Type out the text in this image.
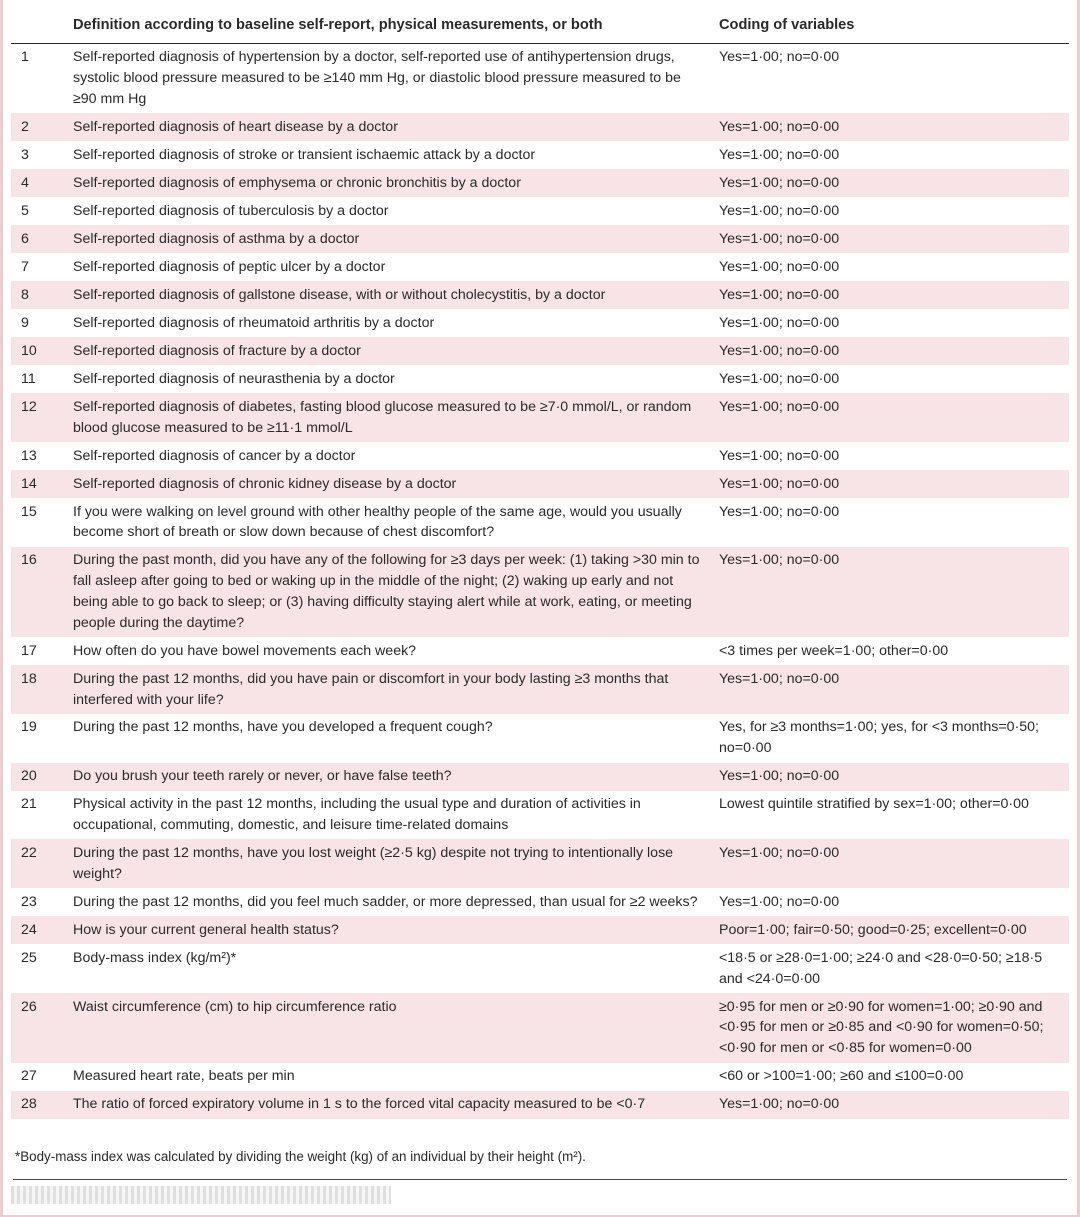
	Definition according to baseline self-report, physical measurements, or both	Coding of variables
1	Self-reported diagnosis of hypertension by a doctor, self-reported use of antihypertension drugs, systolic blood pressure measured to be ≥140 mm Hg, or diastolic blood pressure measured to be ≥90 mm Hg	Yes=1·00; no=0·00
2	Self-reported diagnosis of heart disease by a doctor	Yes=1·00; no=0·00
3	Self-reported diagnosis of stroke or transient ischaemic attack by a doctor	Yes=1·00; no=0·00
4	Self-reported diagnosis of emphysema or chronic bronchitis by a doctor	Yes=1·00; no=0·00
5	Self-reported diagnosis of tuberculosis by a doctor	Yes=1·00; no=0·00
6	Self-reported diagnosis of asthma by a doctor	Yes=1·00; no=0·00
7	Self-reported diagnosis of peptic ulcer by a doctor	Yes=1·00; no=0·00
8	Self-reported diagnosis of gallstone disease, with or without cholecystitis, by a doctor	Yes=1·00; no=0·00
9	Self-reported diagnosis of rheumatoid arthritis by a doctor	Yes=1·00; no=0·00
10	Self-reported diagnosis of fracture by a doctor	Yes=1·00; no=0·00
11	Self-reported diagnosis of neurasthenia by a doctor	Yes=1·00; no=0·00
12	Self-reported diagnosis of diabetes, fasting blood glucose measured to be ≥7·0 mmol/L, or random blood glucose measured to be ≥11·1 mmol/L	Yes=1·00; no=0·00
13	Self-reported diagnosis of cancer by a doctor	Yes=1·00; no=0·00
14	Self-reported diagnosis of chronic kidney disease by a doctor	Yes=1·00; no=0·00
15	If you were walking on level ground with other healthy people of the same age, would you usually become short of breath or slow down because of chest discomfort?	Yes=1·00; no=0·00
16	During the past month, did you have any of the following for ≥3 days per week: (1) taking >30 min to fall asleep after going to bed or waking up in the middle of the night; (2) waking up early and not being able to go back to sleep; or (3) having difficulty staying alert while at work, eating, or meeting people during the daytime?	Yes=1·00; no=0·00
17	How often do you have bowel movements each week?	<3 times per week=1·00; other=0·00
18	During the past 12 months, did you have pain or discomfort in your body lasting ≥3 months that interfered with your life?	Yes=1·00; no=0·00
19	During the past 12 months, have you developed a frequent cough?	Yes, for ≥3 months=1·00; yes, for <3 months=0·50; no=0·00
20	Do you brush your teeth rarely or never, or have false teeth?	Yes=1·00; no=0·00
21	Physical activity in the past 12 months, including the usual type and duration of activities in occupational, commuting, domestic, and leisure time-related domains	Lowest quintile stratified by sex=1·00; other=0·00
22	During the past 12 months, have you lost weight (≥2·5 kg) despite not trying to intentionally lose weight?	Yes=1·00; no=0·00
23	During the past 12 months, did you feel much sadder, or more depressed, than usual for ≥2 weeks?	Yes=1·00; no=0·00
24	How is your current general health status?	Poor=1·00; fair=0·50; good=0·25; excellent=0·00
25	Body-mass index (kg/m²)*	<18·5 or ≥28·0=1·00; ≥24·0 and <28·0=0·50; ≥18·5 and <24·0=0·00
26	Waist circumference (cm) to hip circumference ratio	≥0·95 for men or ≥0·90 for women=1·00; ≥0·90 and <0·95 for men or ≥0·85 and <0·90 for women=0·50; <0·90 for men or <0·85 for women=0·00
27	Measured heart rate, beats per min	<60 or >100=1·00; ≥60 and ≤100=0·00
28	The ratio of forced expiratory volume in 1 s to the forced vital capacity measured to be <0·7	Yes=1·00; no=0·00
*Body-mass index was calculated by dividing the weight (kg) of an individual by their height (m²).
